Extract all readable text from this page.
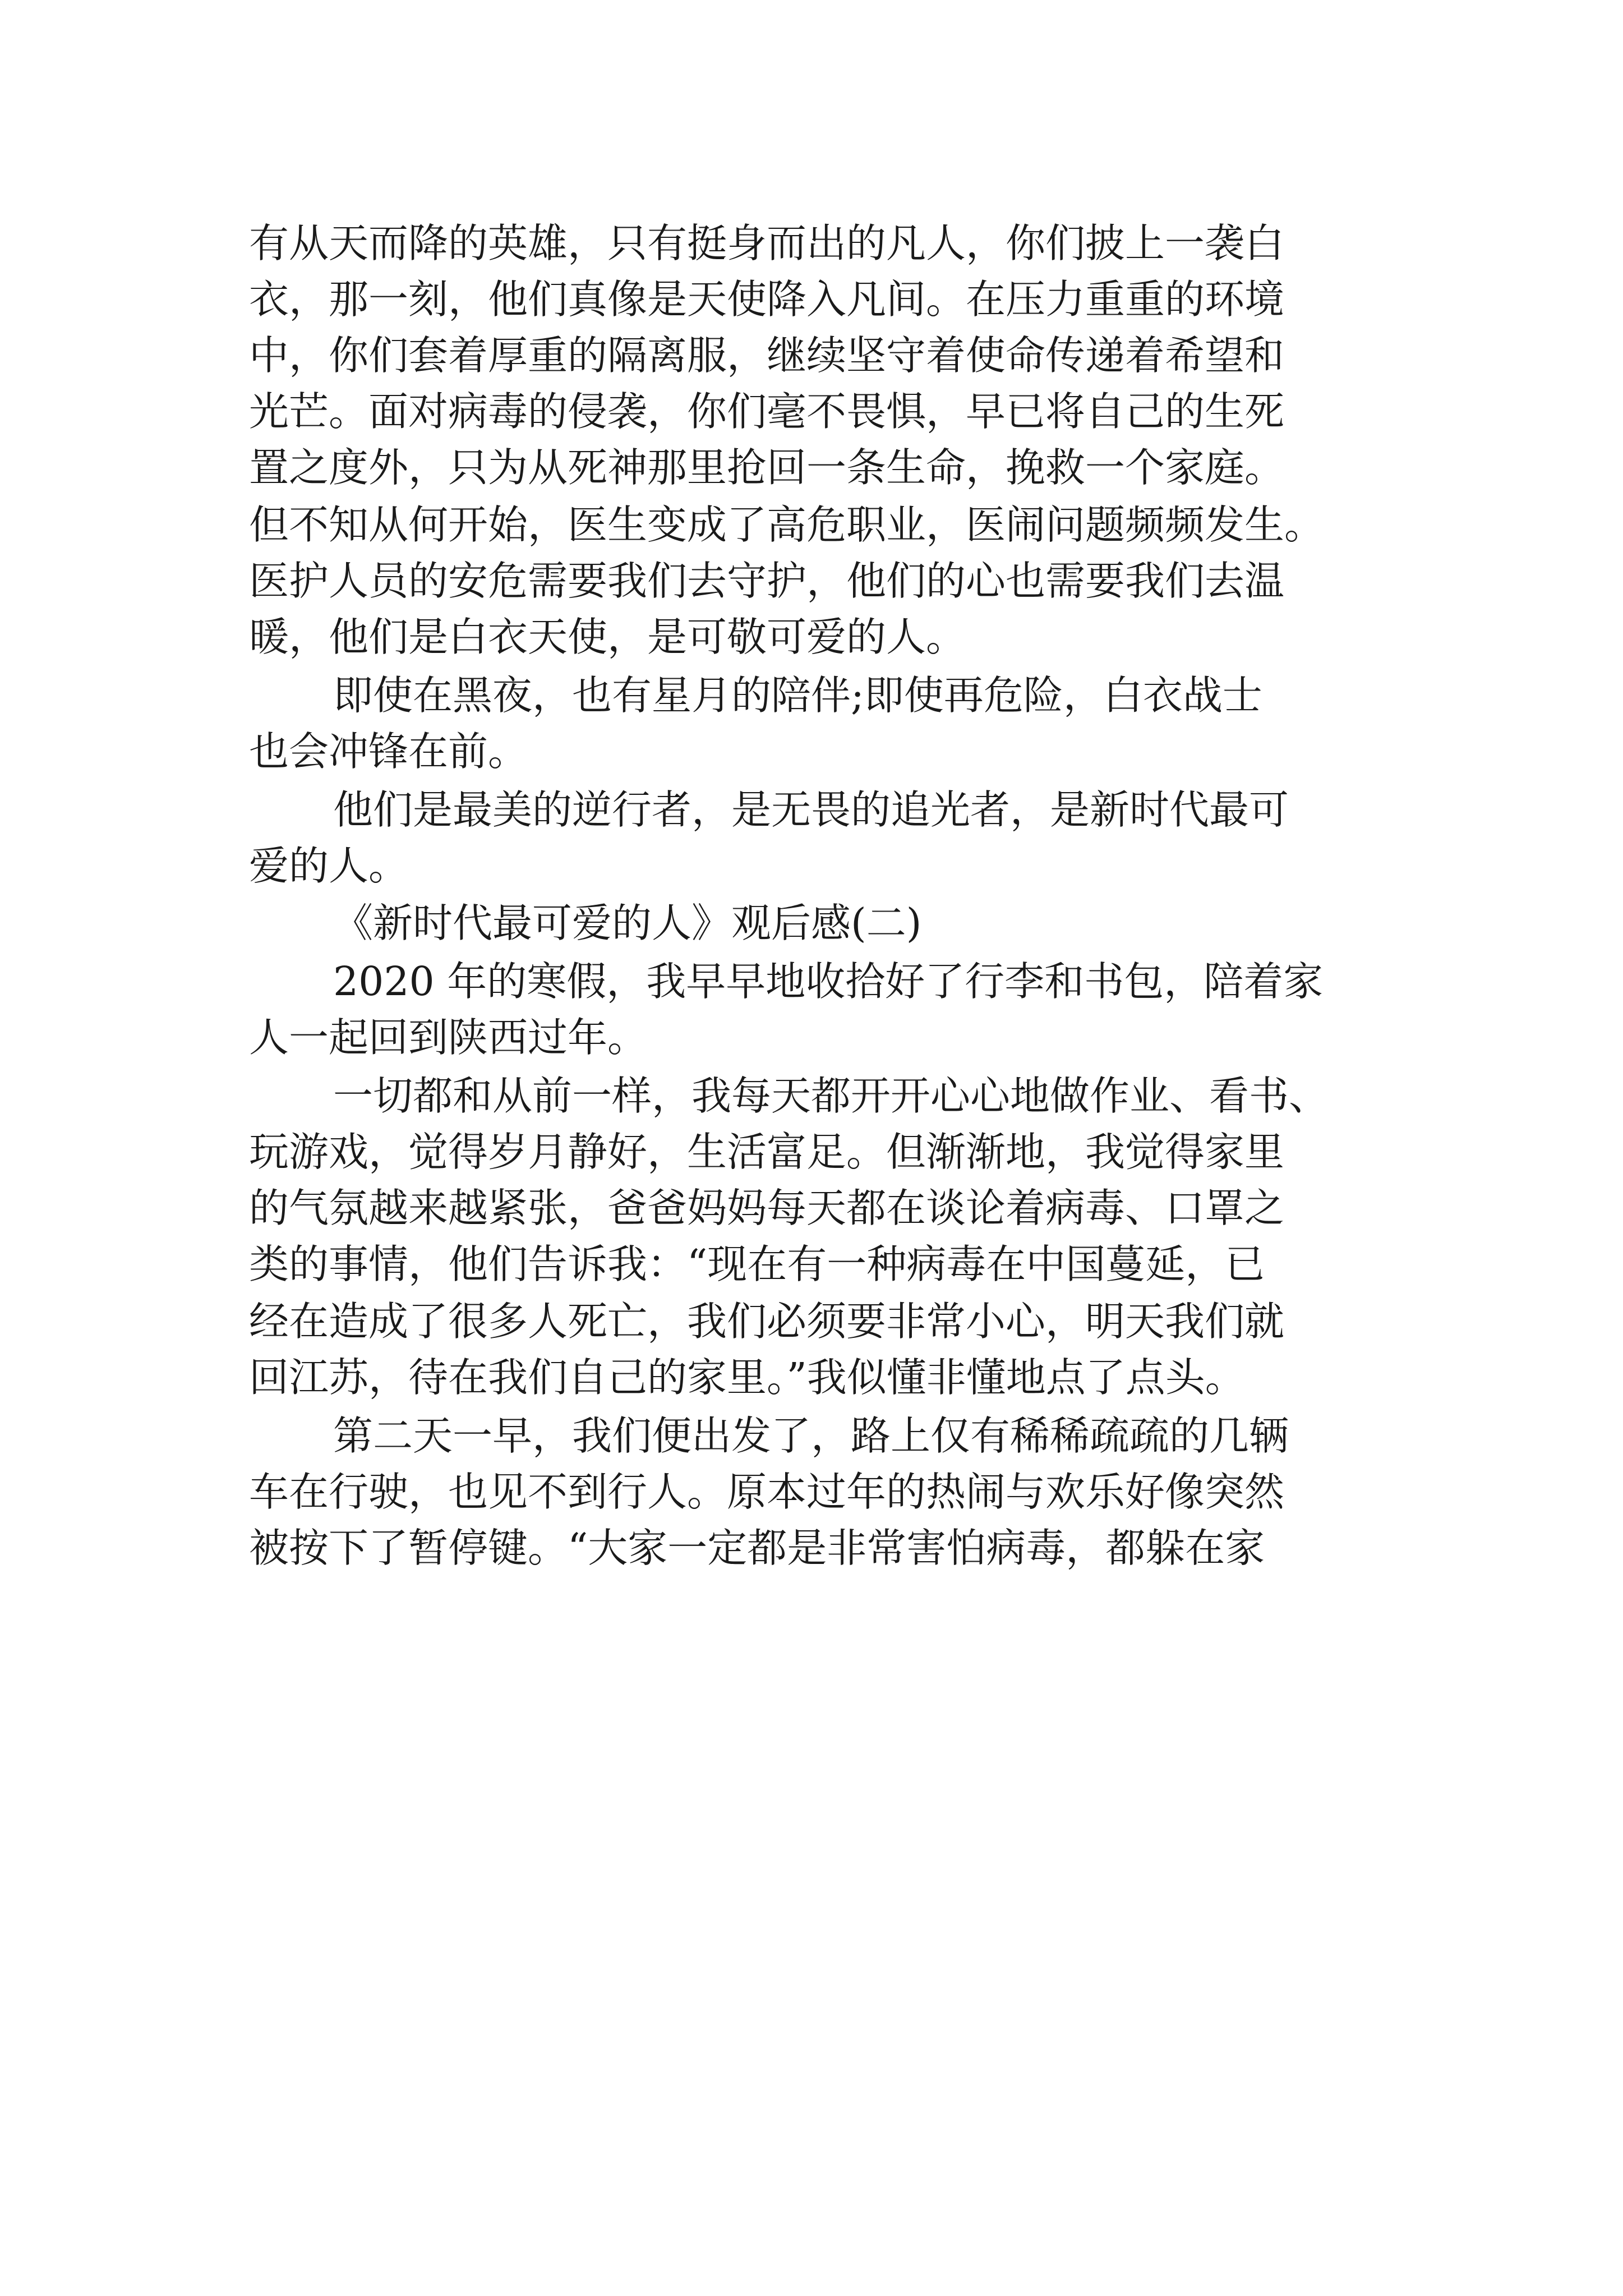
有从天而降的英雄，只有挺身而出的凡人，你们披上一袭白
衣，那一刻，他们真像是天使降入凡间。在压力重重的环境
中，你们套着厚重的隔离服，继续坚守着使命传递着希望和
光芒。面对病毒的侵袭，你们毫不畏惧，早已将自己的生死
置之度外，只为从死神那里抢回一条生命，挽救一个家庭。
但不知从何开始，医生变成了高危职业，医闹问题频频发生。
医护人员的安危需要我们去守护，他们的心也需要我们去温
暖，他们是白衣天使，是可敬可爱的人。
即使在黑夜，也有星月的陪伴;即使再危险，白衣战士
也会冲锋在前。
他们是最美的逆行者，是无畏的追光者，是新时代最可
爱的人。
《新时代最可爱的人》观后感(二)
2020 年的寒假，我早早地收拾好了行李和书包，陪着家
人一起回到陕西过年。
一切都和从前一样，我每天都开开心心地做作业、看书、
玩游戏，觉得岁月静好，生活富足。但渐渐地，我觉得家里
的气氛越来越紧张，爸爸妈妈每天都在谈论着病毒、口罩之
类的事情，他们告诉我：“现在有一种病毒在中国蔓延，已
经在造成了很多人死亡，我们必须要非常小心，明天我们就
回江苏，待在我们自己的家里。”我似懂非懂地点了点头。
第二天一早，我们便出发了，路上仅有稀稀疏疏的几辆
车在行驶，也见不到行人。原本过年的热闹与欢乐好像突然
被按下了暂停键。“大家一定都是非常害怕病毒，都躲在家
